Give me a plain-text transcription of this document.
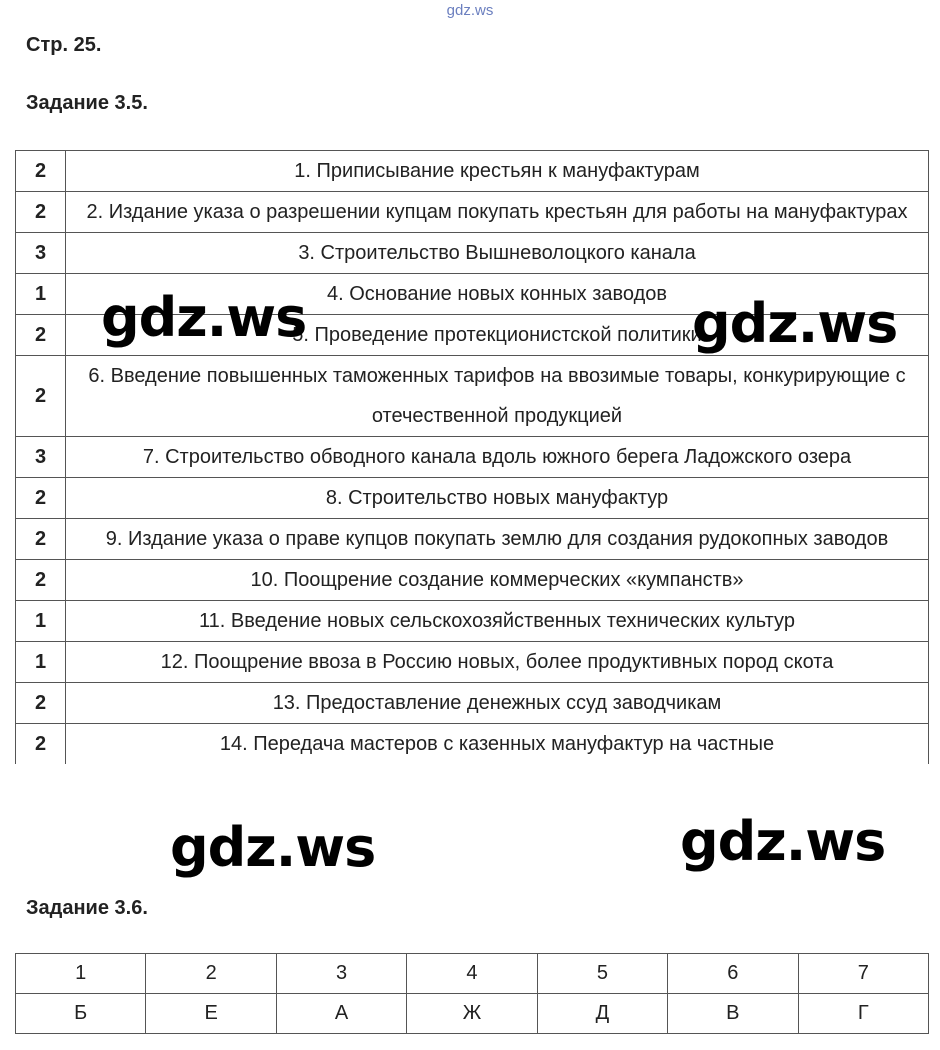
gdz.ws
Стр. 25.
Задание 3.5.
2	1. Приписывание крестьян к мануфактурам
2	2. Издание указа о разрешении купцам покупать крестьян для работы на мануфактурах
3	3. Строительство Вышневолоцкого канала
1	4. Основание новых конных заводов
2	5. Проведение протекционистской политики
2	6. Введение повышенных таможенных тарифов на ввозимые товары, конкурирующие с отечественной продукцией
3	7. Строительство обводного канала вдоль южного берега Ладожского озера
2	8. Строительство новых мануфактур
2	9. Издание указа о праве купцов покупать землю для создания рудокопных заводов
2	10. Поощрение создание коммерческих «кумпанств»
1	11. Введение новых сельскохозяйственных технических культур
1	12. Поощрение ввоза в Россию новых, более продуктивных пород скота
2	13. Предоставление денежных ссуд заводчикам
2	14. Передача мастеров с казенных мануфактур на частные
Задание 3.6.
1	2	3	4	5	6	7
Б	Е	А	Ж	Д	В	Г
gdz.ws	gdz.ws
gdz.ws	gdz.ws
